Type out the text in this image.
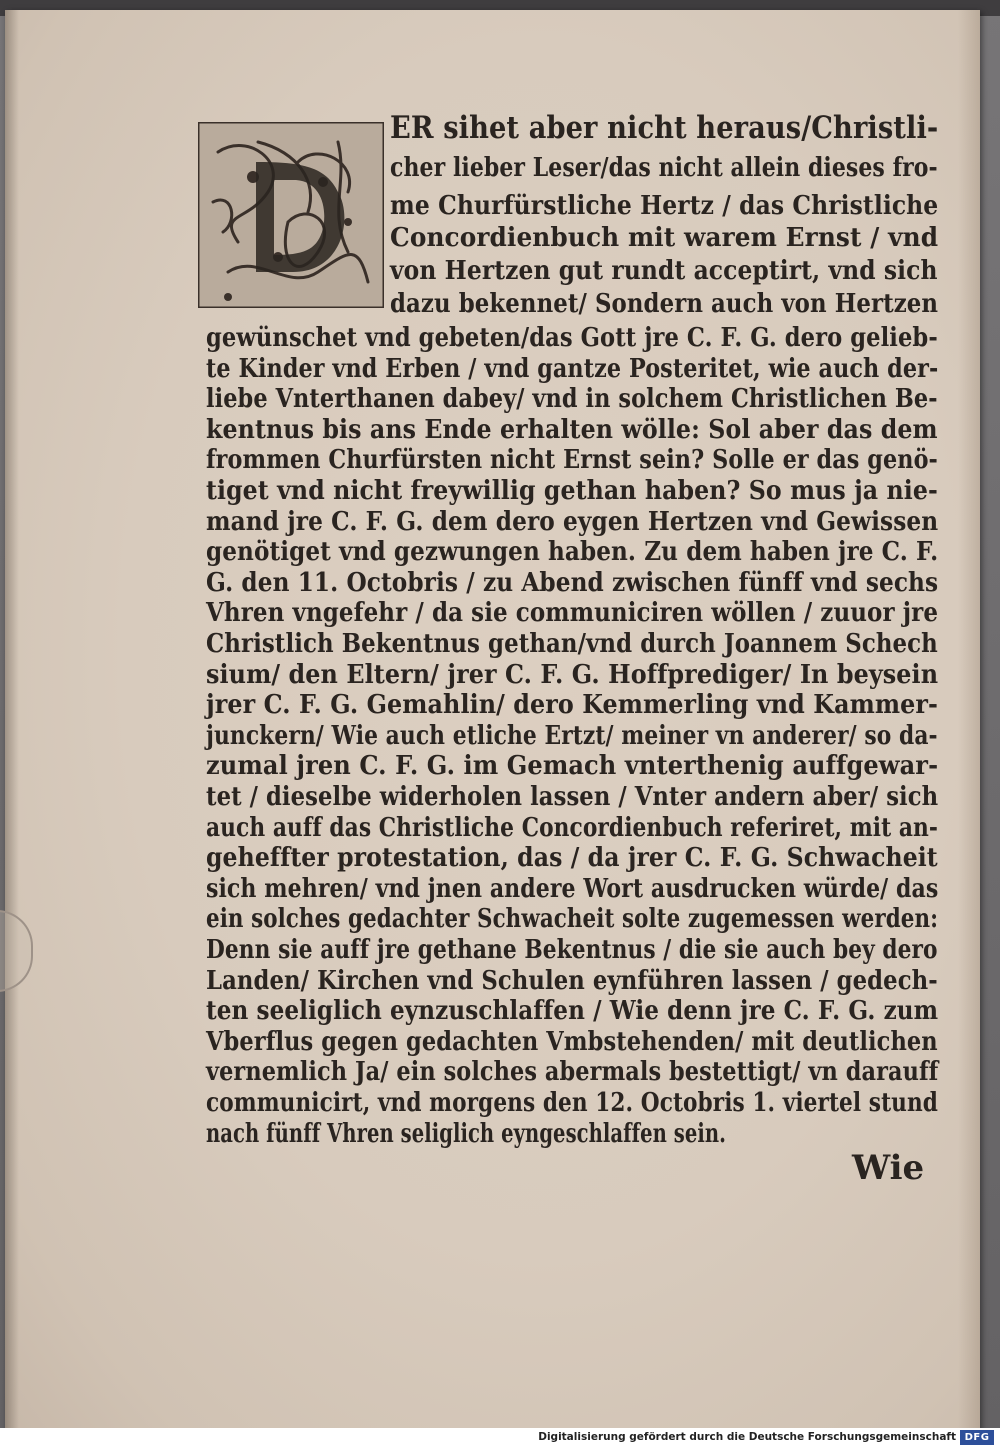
ER sihet aber nicht heraus/Christli-
cher lieber Leser/das nicht allein dieses fro-
me Churfürstliche Hertz / das Christliche
Concordienbuch mit warem Ernst / vnd
von Hertzen gut rundt acceptirt, vnd sich
dazu bekennet/ Sondern auch von Hertzen
gewünschet vnd gebeten/das Gott jre C. F. G. dero gelieb-
te Kinder vnd Erben / vnd gantze Posteritet, wie auch der-
liebe Vnterthanen dabey/ vnd in solchem Christlichen Be-
kentnus bis ans Ende erhalten wölle: Sol aber das dem
frommen Churfürsten nicht Ernst sein? Solle er das genö-
tiget vnd nicht freywillig gethan haben? So mus ja nie-
mand jre C. F. G. dem dero eygen Hertzen vnd Gewissen
genötiget vnd gezwungen haben. Zu dem haben jre C. F.
G. den 11. Octobris / zu Abend zwischen fünff vnd sechs
Vhren vngefehr / da sie communiciren wöllen / zuuor jre
Christlich Bekentnus gethan/vnd durch Joannem Schech
sium/ den Eltern/ jrer C. F. G. Hoffprediger/ In beysein
jrer C. F. G. Gemahlin/ dero Kemmerling vnd Kammer-
junckern/ Wie auch etliche Ertzt/ meiner vn anderer/ so da-
zumal jren C. F. G. im Gemach vnterthenig auffgewar-
tet / dieselbe widerholen lassen / Vnter andern aber/ sich
auch auff das Christliche Concordienbuch referiret, mit an-
geheffter protestation, das / da jrer C. F. G. Schwacheit
sich mehren/ vnd jnen andere Wort ausdrucken würde/ das
ein solches gedachter Schwacheit solte zugemessen werden:
Denn sie auff jre gethane Bekentnus / die sie auch bey dero
Landen/ Kirchen vnd Schulen eynführen lassen / gedech-
ten seeliglich eynzuschlaffen / Wie denn jre C. F. G. zum
Vberflus gegen gedachten Vmbstehenden/ mit deutlichen
vernemlich Ja/ ein solches abermals bestettigt/ vn darauff
communicirt, vnd morgens den 12. Octobris 1. viertel stund
nach fünff Vhren seliglich eyngeschlaffen sein.
Wie
Digitalisierung gefördert durch die Deutsche Forschungsgemeinschaft DFG
